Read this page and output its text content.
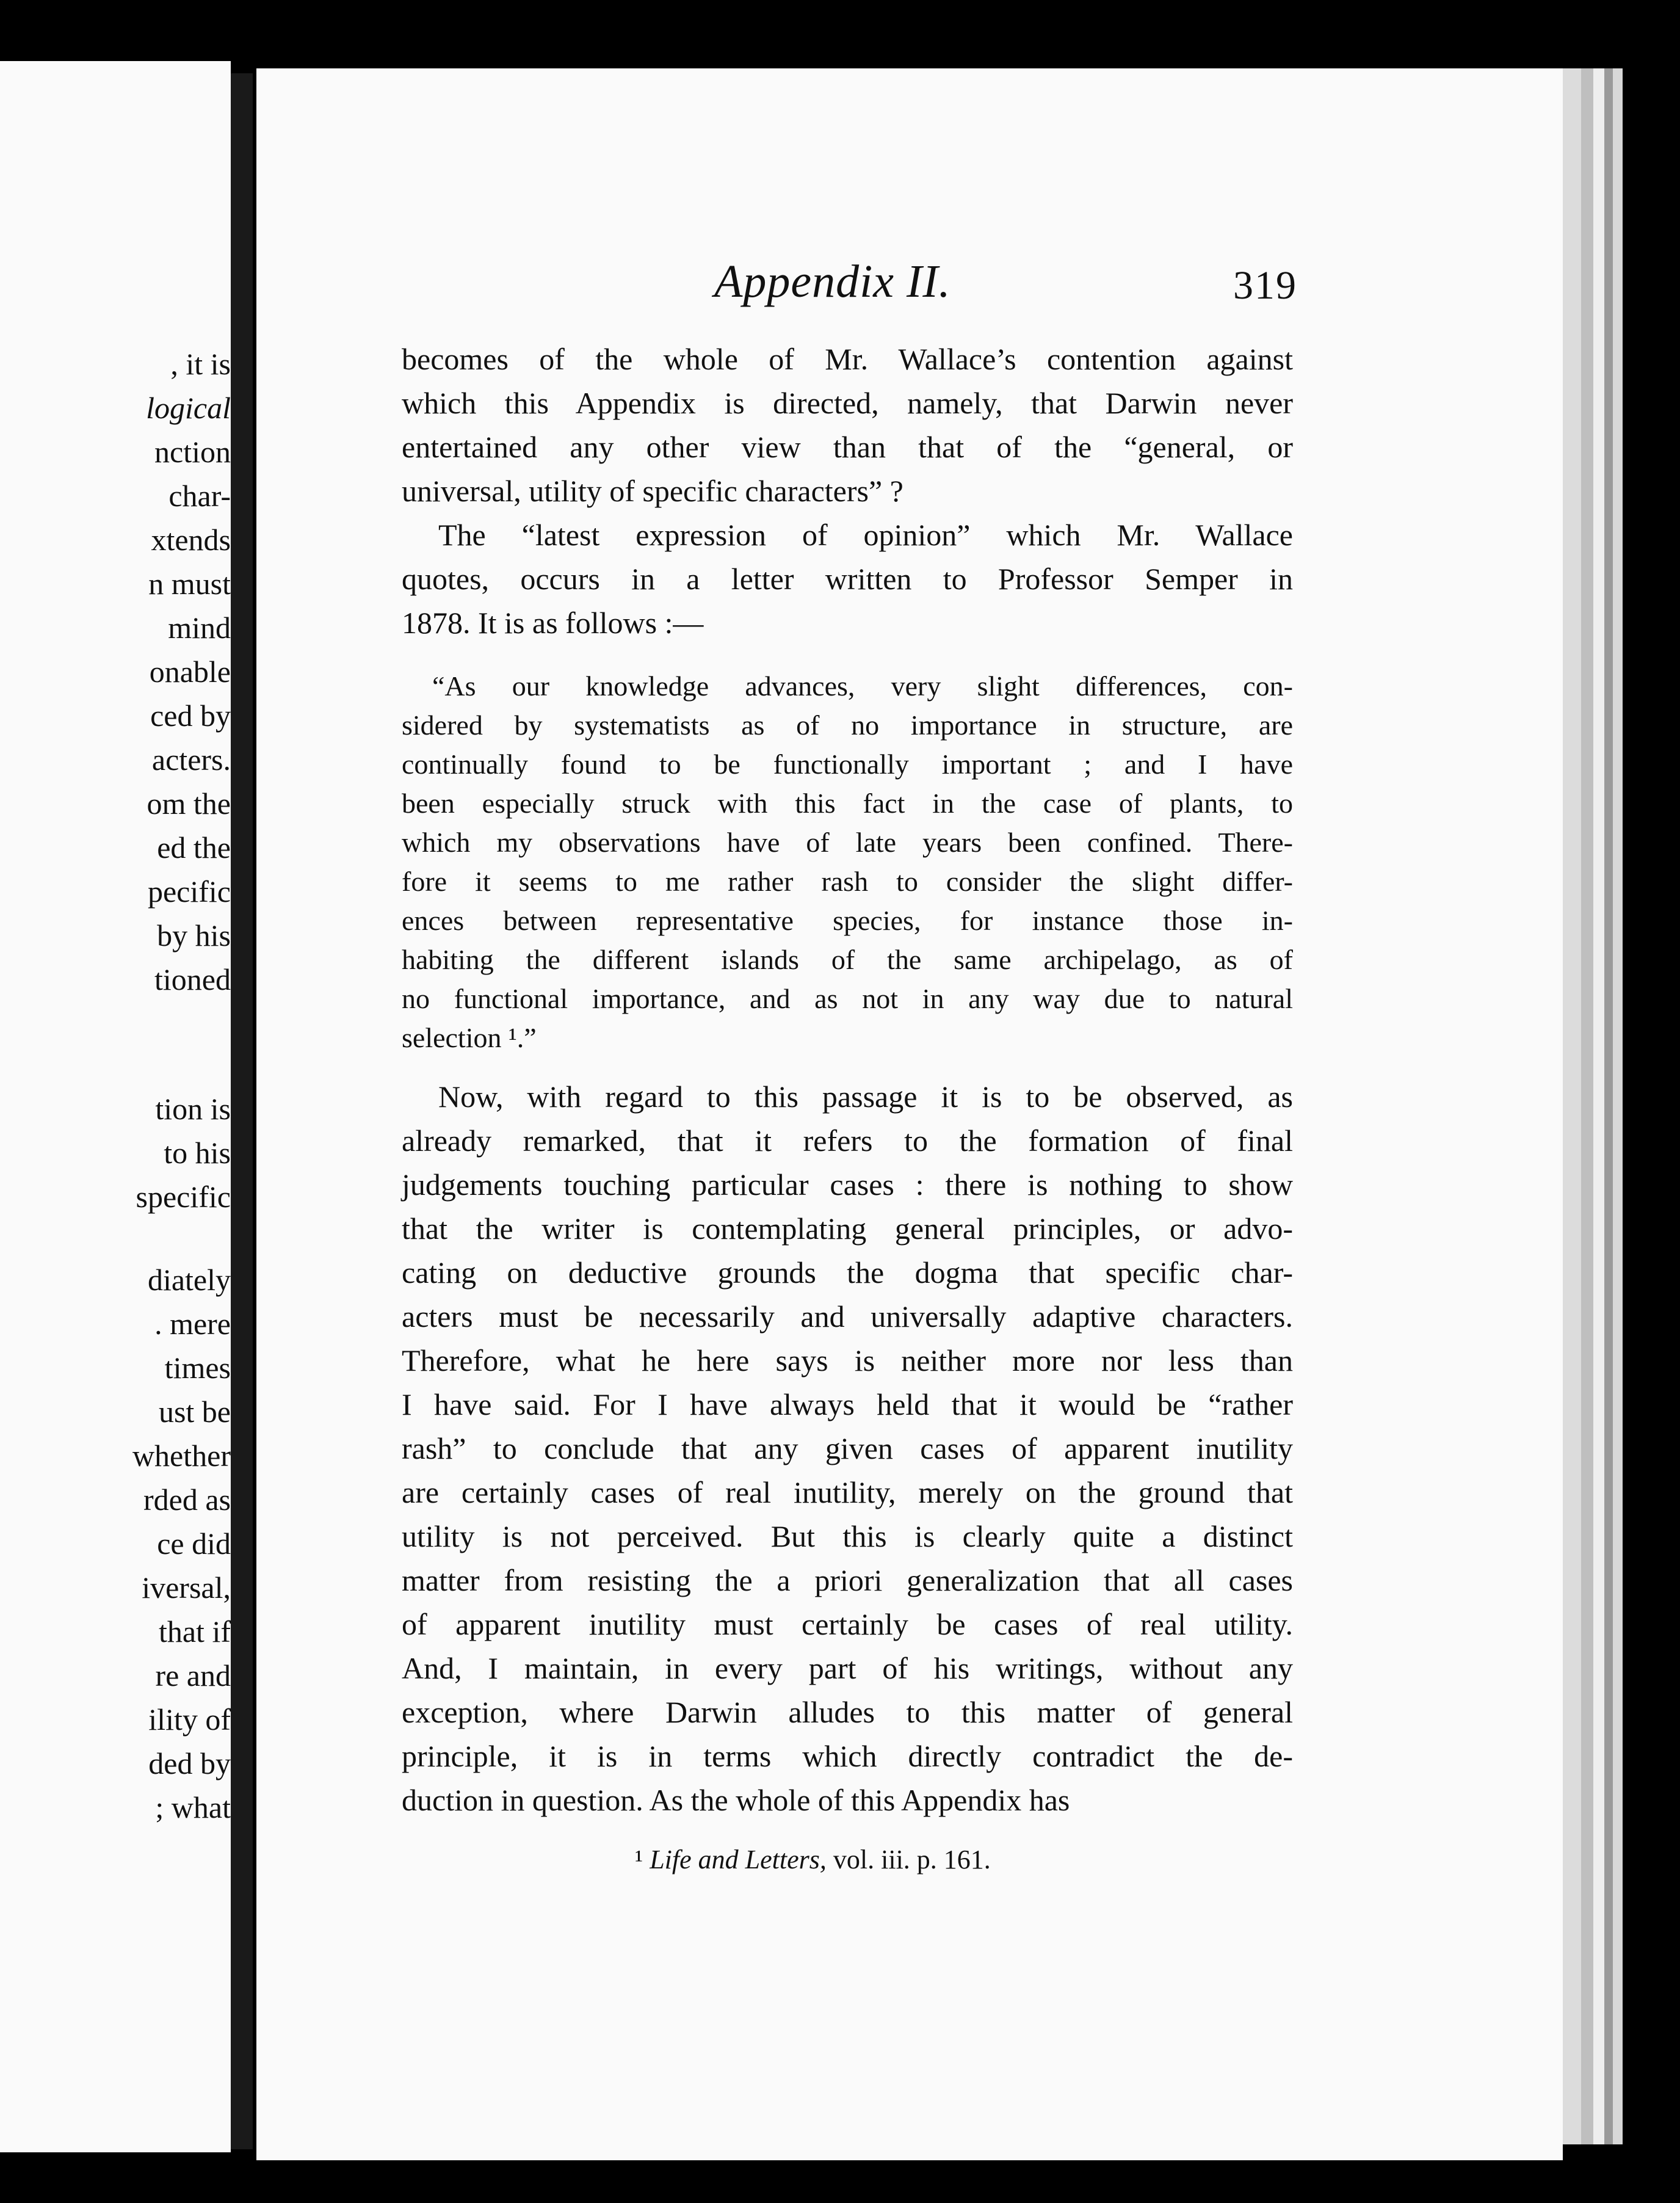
, it is
logical
nction
char-
xtends
n must
mind
onable
ced by
acters.
om the
ed the
pecific
by his
tioned
tion is
to his
specific
diately
. mere
times
ust be
whether
rded as
ce did
iversal,
that if
re and
ility of
ded by
; what
Appendix II.	319
becomes of the whole of Mr. Wallace’s contention against
which this Appendix is directed, namely, that Darwin never
entertained any other view than that of the “general, or
universal, utility of specific characters” ?
The “latest expression of opinion” which Mr. Wallace
quotes, occurs in a letter written to Professor Semper in
1878. It is as follows :—
“As our knowledge advances, very slight differences, con-
sidered by systematists as of no importance in structure, are
continually found to be functionally important ; and I have
been especially struck with this fact in the case of plants, to
which my observations have of late years been confined. There-
fore it seems to me rather rash to consider the slight differ-
ences between representative species, for instance those in-
habiting the different islands of the same archipelago, as of
no functional importance, and as not in any way due to natural
selection ¹.”
Now, with regard to this passage it is to be observed, as
already remarked, that it refers to the formation of final
judgements touching particular cases : there is nothing to show
that the writer is contemplating general principles, or advo-
cating on deductive grounds the dogma that specific char-
acters must be necessarily and universally adaptive characters.
Therefore, what he here says is neither more nor less than
I have said. For I have always held that it would be “rather
rash” to conclude that any given cases of apparent inutility
are certainly cases of real inutility, merely on the ground that
utility is not perceived. But this is clearly quite a distinct
matter from resisting the a priori generalization that all cases
of apparent inutility must certainly be cases of real utility.
And, I maintain, in every part of his writings, without any
exception, where Darwin alludes to this matter of general
principle, it is in terms which directly contradict the de-
duction in question. As the whole of this Appendix has
¹ Life and Letters, vol. iii. p. 161.
